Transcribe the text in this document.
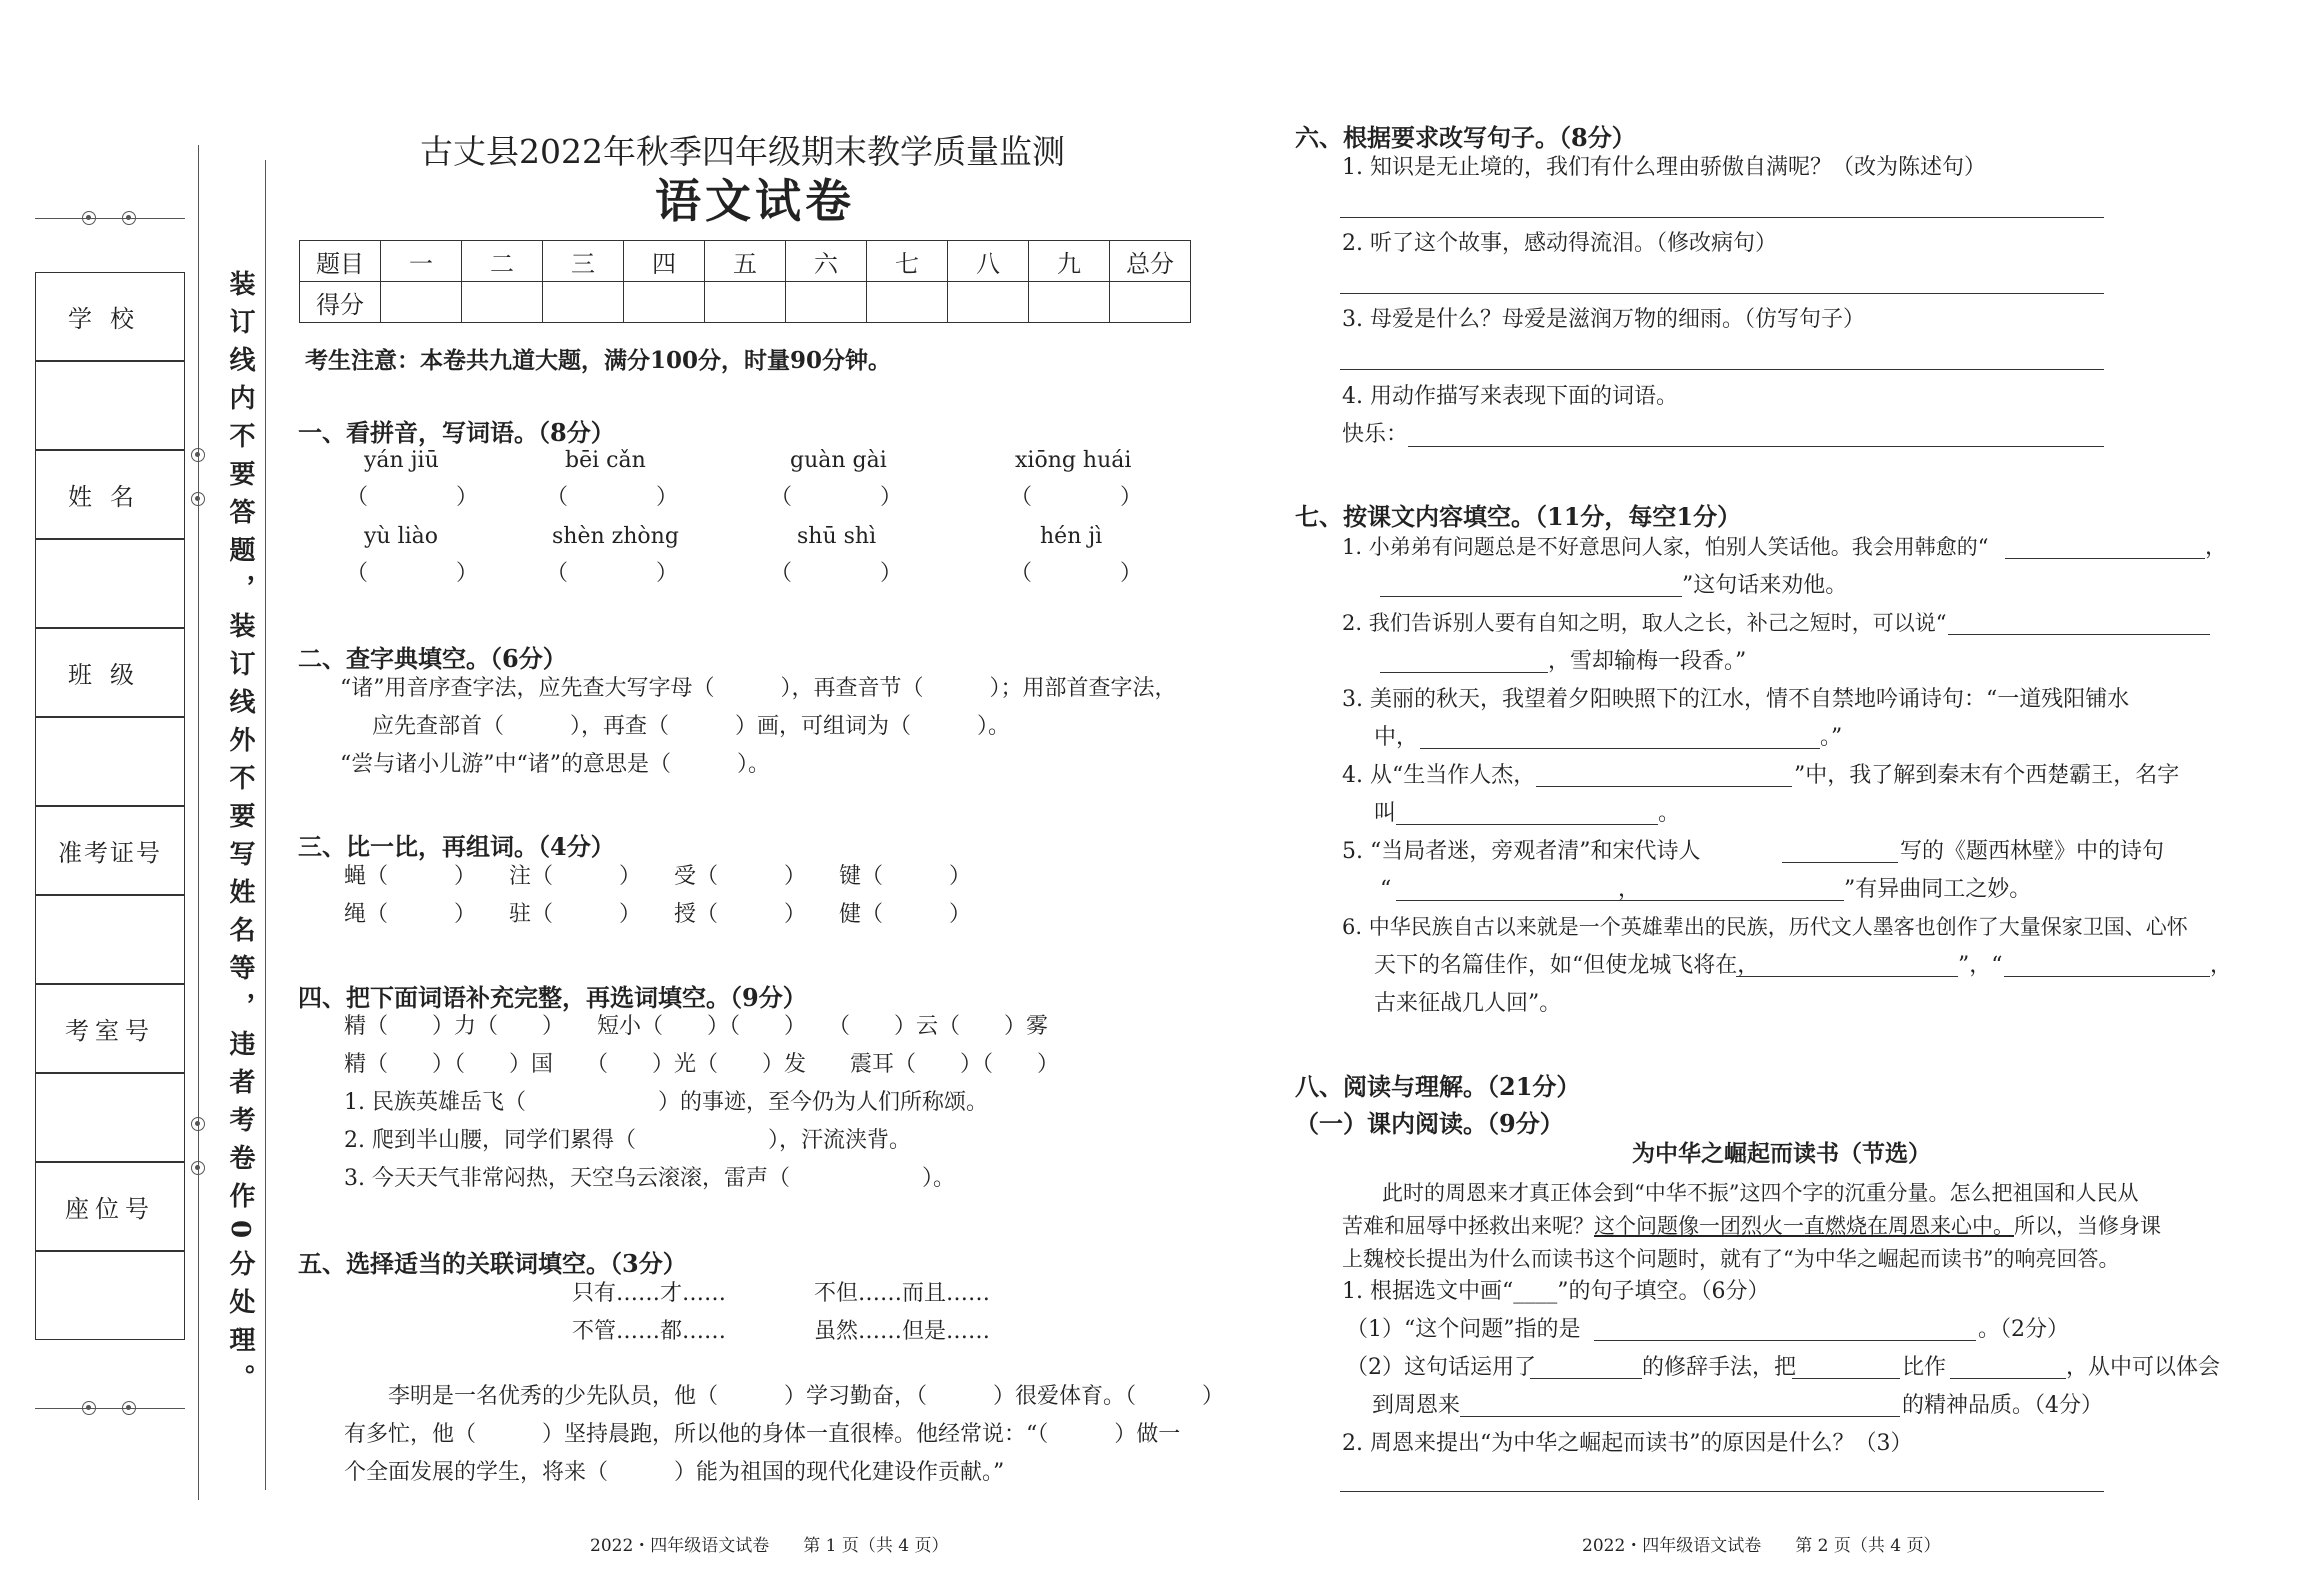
学校
姓名
班级
准考证号
考室号
座位号	装订线内不要答题，装订线外不要写姓名等，违者考卷作0分处理。
古丈县2022年秋季四年级期末教学质量监测
语文试卷
题目	一	二	三	四	五	六	七	八	九	总分
得分										
考生注意：本卷共九道大题，满分100分，时量90分钟。
一、看拼音，写词语。（8分）
yán jiū	bēi cǎn	guàn gài	xiōng huái
（　　　　）	（　　　　）	（　　　　）	（　　　　）
yù liào	shèn zhòng	shū shì	hén jì
（　　　　）	（　　　　）	（　　　　）	（　　　　）
二、查字典填空。（6分）
“诸”用音序查字法，应先查大写字母（　　　），再查音节（　　　）；用部首查字法，
应先查部首（　　　），再查（　　　）画，可组词为（　　　）。
“尝与诸小儿游”中“诸”的意思是（　　　）。
三、比一比，再组词。（4分）
蝇（　　　）　　注（　　　）　　受（　　　）　　键（　　　）
绳（　　　）　　驻（　　　）　　授（　　　）　　健（　　　）
四、把下面词语补充完整，再选词填空。（9分）
精（　　）力（　　）　　短小（　　）（　　）　　（　　）云（　　）雾
精（　　）（　　）国　　（　　）光（　　）发　　震耳（　　）（　　）
1. 民族英雄岳飞（　　　　　　）的事迹，至今仍为人们所称颂。
2. 爬到半山腰，同学们累得（　　　　　　），汗流浃背。
3. 今天天气非常闷热，天空乌云滚滚，雷声（　　　　　　）。
五、选择适当的关联词填空。（3分）
只有……才……	不但……而且……
不管……都……	虽然……但是……
李明是一名优秀的少先队员，他（　　　）学习勤奋，（　　　）很爱体育。（　　　）
有多忙，他（　　　）坚持晨跑，所以他的身体一直很棒。他经常说：“（　　　）做一
个全面发展的学生，将来（　　　）能为祖国的现代化建设作贡献。”
2022・四年级语文试卷　　第 1 页（共 4 页）
六、根据要求改写句子。（8分）
1. 知识是无止境的，我们有什么理由骄傲自满呢？（改为陈述句）
2. 听了这个故事，感动得流泪。（修改病句）
3. 母爱是什么？母爱是滋润万物的细雨。（仿写句子）
4. 用动作描写来表现下面的词语。
快乐：
七、按课文内容填空。（11分，每空1分）
1. 小弟弟有问题总是不好意思问人家，怕别人笑话他。我会用韩愈的“	，
”这句话来劝他。
2. 我们告诉别人要有自知之明，取人之长，补己之短时，可以说“
，雪却输梅一段香。”
3. 美丽的秋天，我望着夕阳映照下的江水，情不自禁地吟诵诗句：“一道残阳铺水
中，	。”
4. 从“生当作人杰，	”中，我了解到秦末有个西楚霸王，名字
叫	。
5. “当局者迷，旁观者清”和宋代诗人	写的《题西林壁》中的诗句
“	，	”有异曲同工之妙。
6. 中华民族自古以来就是一个英雄辈出的民族，历代文人墨客也创作了大量保家卫国、心怀
天下的名篇佳作，如“但使龙城飞将在，	”，“	，
古来征战几人回”。
八、阅读与理解。（21分）
（一）课内阅读。（9分）
为中华之崛起而读书（节选）
此时的周恩来才真正体会到“中华不振”这四个字的沉重分量。怎么把祖国和人民从
苦难和屈辱中拯救出来呢？这个问题像一团烈火一直燃烧在周恩来心中。所以，当修身课
上魏校长提出为什么而读书这个问题时，就有了“为中华之崛起而读书”的响亮回答。
1. 根据选文中画“____”的句子填空。（6分）
（1）“这个问题”指的是	。（2分）
（2）这句话运用了	的修辞手法，把	比作	，从中可以体会
到周恩来	的精神品质。（4分）
2. 周恩来提出“为中华之崛起而读书”的原因是什么？（3）
2022・四年级语文试卷　　第 2 页（共 4 页）
